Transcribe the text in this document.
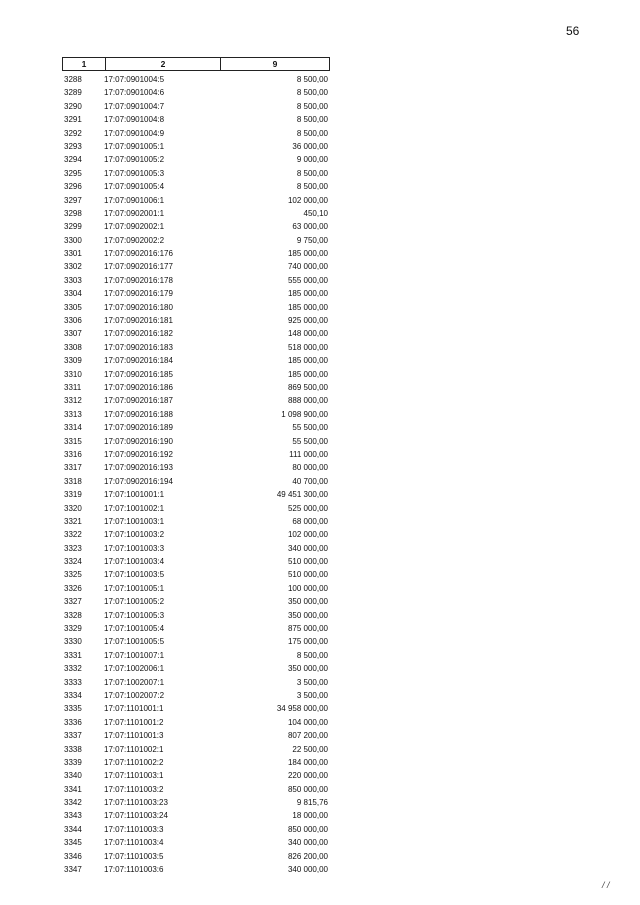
56
1	2	9
3288	17:07:0901004:5	8 500,00
3289	17:07:0901004:6	8 500,00
3290	17:07:0901004:7	8 500,00
3291	17:07:0901004:8	8 500,00
3292	17:07:0901004:9	8 500,00
3293	17:07:0901005:1	36 000,00
3294	17:07:0901005:2	9 000,00
3295	17:07:0901005:3	8 500,00
3296	17:07:0901005:4	8 500,00
3297	17:07:0901006:1	102 000,00
3298	17:07:0902001:1	450,10
3299	17:07:0902002:1	63 000,00
3300	17:07:0902002:2	9 750,00
3301	17:07:0902016:176	185 000,00
3302	17:07:0902016:177	740 000,00
3303	17:07:0902016:178	555 000,00
3304	17:07:0902016:179	185 000,00
3305	17:07:0902016:180	185 000,00
3306	17:07:0902016:181	925 000,00
3307	17:07:0902016:182	148 000,00
3308	17:07:0902016:183	518 000,00
3309	17:07:0902016:184	185 000,00
3310	17:07:0902016:185	185 000,00
3311	17:07:0902016:186	869 500,00
3312	17:07:0902016:187	888 000,00
3313	17:07:0902016:188	1 098 900,00
3314	17:07:0902016:189	55 500,00
3315	17:07:0902016:190	55 500,00
3316	17:07:0902016:192	111 000,00
3317	17:07:0902016:193	80 000,00
3318	17:07:0902016:194	40 700,00
3319	17:07:1001001:1	49 451 300,00
3320	17:07:1001002:1	525 000,00
3321	17:07:1001003:1	68 000,00
3322	17:07:1001003:2	102 000,00
3323	17:07:1001003:3	340 000,00
3324	17:07:1001003:4	510 000,00
3325	17:07:1001003:5	510 000,00
3326	17:07:1001005:1	100 000,00
3327	17:07:1001005:2	350 000,00
3328	17:07:1001005:3	350 000,00
3329	17:07:1001005:4	875 000,00
3330	17:07:1001005:5	175 000,00
3331	17:07:1001007:1	8 500,00
3332	17:07:1002006:1	350 000,00
3333	17:07:1002007:1	3 500,00
3334	17:07:1002007:2	3 500,00
3335	17:07:1101001:1	34 958 000,00
3336	17:07:1101001:2	104 000,00
3337	17:07:1101001:3	807 200,00
3338	17:07:1101002:1	22 500,00
3339	17:07:1101002:2	184 000,00
3340	17:07:1101003:1	220 000,00
3341	17:07:1101003:2	850 000,00
3342	17:07:1101003:23	9 815,76
3343	17:07:1101003:24	18 000,00
3344	17:07:1101003:3	850 000,00
3345	17:07:1101003:4	340 000,00
3346	17:07:1101003:5	826 200,00
3347	17:07:1101003:6	340 000,00
/ /
